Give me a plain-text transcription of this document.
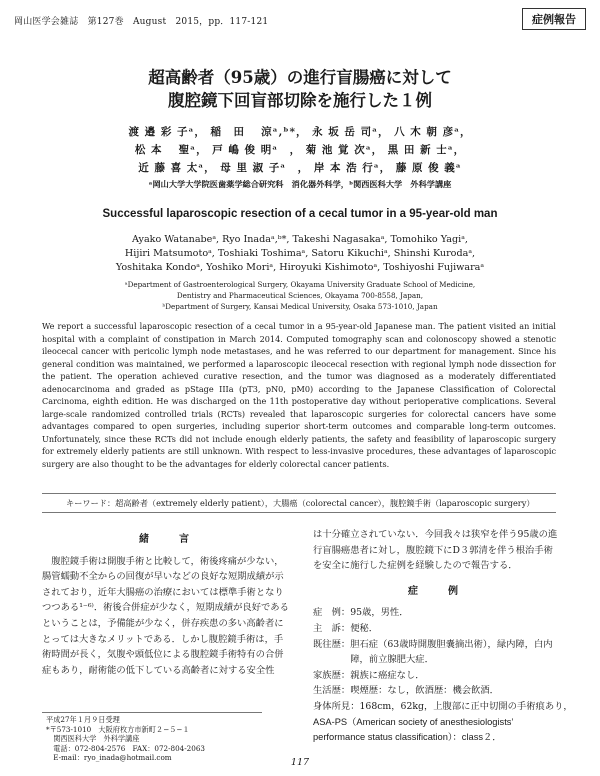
岡山医学会雑誌　第127巻　August　2015，pp．117-121	症例報告
超高齢者（95歳）の進行盲腸癌に対して
腹腔鏡下回盲部切除を施行した１例
渡 邉 彩 子ᵃ， 稲　田　 涼ᵃ,ᵇ*， 永 坂 岳 司ᵃ， 八 木 朝 彦ᵃ，
松 本　 聖ᵃ， 戸 嶋 俊 明ᵃ　， 菊 池 覚 次ᵃ， 黒 田 新 士ᵃ，
近 藤 喜 太ᵃ， 母 里 淑 子ᵃ　， 岸 本 浩 行ᵃ， 藤 原 俊 義ᵃ
ᵃ岡山大学大学院医歯薬学総合研究科　消化器外科学，ᵇ関西医科大学　外科学講座
Successful laparoscopic resection of a cecal tumor in a 95-year-old man
Ayako Watanabeᵃ, Ryo Inadaᵃ,ᵇ*, Takeshi Nagasakaᵃ, Tomohiko Yagiᵃ,
Hijiri Matsumotoᵃ, Toshiaki Toshimaᵃ, Satoru Kikuchiᵃ, Shinshi Kurodaᵃ,
Yoshitaka Kondoᵃ, Yoshiko Moriᵃ, Hiroyuki Kishimotoᵃ, Toshiyoshi Fujiwaraᵃ
ᵃDepartment of Gastroenterological Surgery, Okayama University Graduate School of Medicine,
Dentistry and Pharmaceutical Sciences, Okayama 700-8558, Japan,
ᵇDepartment of Surgery, Kansai Medical University, Osaka 573-1010, Japan
We report a successful laparoscopic resection of a cecal tumor in a 95-year-old Japanese man. The patient visited an initial hospital with a complaint of constipation in March 2014. Computed tomography scan and colonoscopy showed a stenotic ileocecal cancer with pericolic lymph node metastases, and he was referred to our department for management. Since his general condition was maintained, we performed a laparoscopic ileocecal resection with regional lymph node dissection for the patient. The operation achieved curative resection, and the tumor was diagnosed as a moderately differentiated adenocarcinoma and graded as pStage IIIa (pT3, pN0, pM0) according to the Japanese Classification of Colorectal Carcinoma, eighth edition. He was discharged on the 11th postoperative day without perioperative complications. Several large-scale randomized controlled trials (RCTs) revealed that laparoscopic surgeries for colorectal cancers have some advantages compared to open surgeries, including superior short-term outcomes and comparable long-term outcomes. Unfortunately, since these RCTs did not include enough elderly patients, the safety and feasibility of laparoscopic surgery for extremely elderly patients are still unknown. With respect to less-invasive procedures, these advantages of laparoscopic surgery are also thought to be the advantages for elderly colorectal cancer patients.
キーワード：超高齢者（extremely elderly patient），大腸癌（colorectal cancer），腹腔鏡手術（laparoscopic surgery）
緒　言

腹腔鏡手術は開腹手術と比較して，術後疼痛が少ない，

腸管蠕動不全からの回復が早いなどの良好な短期成績が示

されており，近年大腸癌の治療においては標準手術となり

つつある¹⁻⁶⁾．術後合併症が少なく，短期成績が良好である

ということは，予備能が少なく，併存疾患の多い高齢者に

とっては大きなメリットである．しかし腹腔鏡手術は，手

術時間が長く，気腹や頭低位による腹腔鏡手術特有の合併

症もあり，耐術能の低下している高齢者に対する安全性

は十分確立されていない．今回我々は狭窄を伴う95歳の進

行盲腸癌患者に対し，腹腔鏡下にD３郭清を伴う根治手術

を安全に施行した症例を経験したので報告する．

症　例

症　例：95歳，男性．

主　訴：便秘．

既往歴：胆石症（63歳時開腹胆嚢摘出術），緑内障，白内

　　　　障，前立腺肥大症．

家族歴：親族に癌症なし．

生活歴：喫煙歴：なし，飲酒歴：機会飲酒．

身体所見：168cm，62kg，上腹部に正中切開の手術痕あり，

ASA-PS（American society of anesthesiologists’

performance status classification）：class２．

平成27年１月９日受理
*〒573-1010　大阪府枚方市新町２−５−１
　関西医科大学　外科学講座
　電話：072-804-2576　FAX：072-804-2063
　E-mail：ryo_inada@hotmail.com	117
